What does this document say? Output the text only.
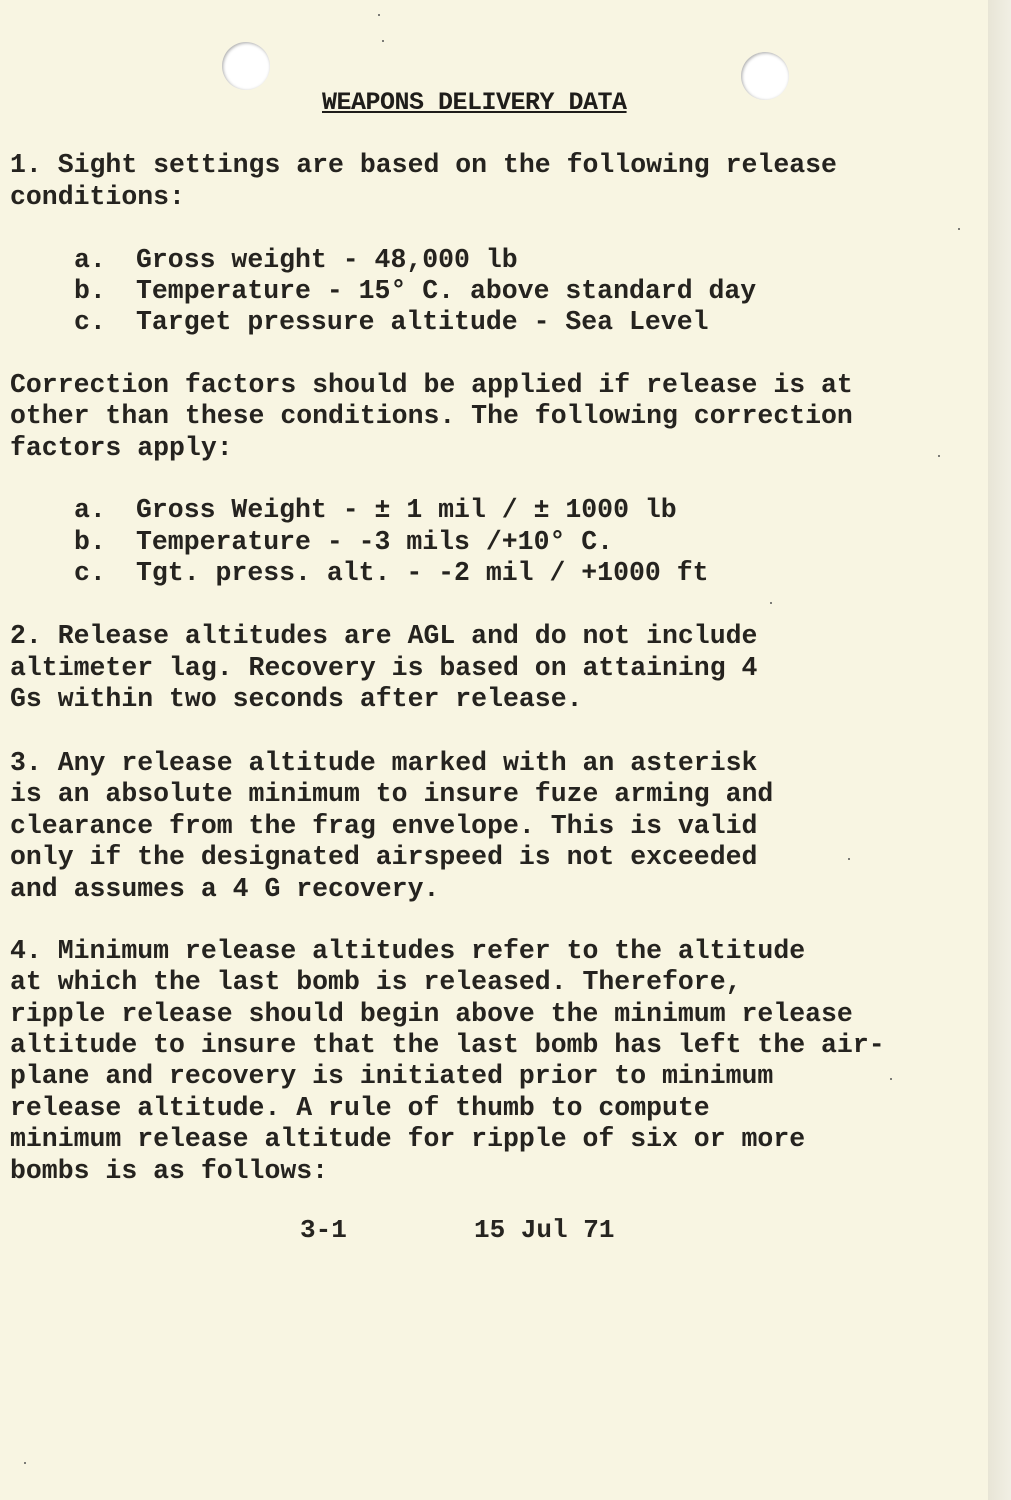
WEAPONS DELIVERY DATA
1. Sight settings are based on the following release
conditions:
a. Gross weight - 48,000 lb
b. Temperature - 15° C. above standard day
c. Target pressure altitude - Sea Level
Correction factors should be applied if release is at
other than these conditions. The following correction
factors apply:
a. Gross Weight - ± 1 mil / ± 1000 lb
b. Temperature - -3 mils /+10° C.
c. Tgt. press. alt. - -2 mil / +1000 ft
2. Release altitudes are AGL and do not include
altimeter lag. Recovery is based on attaining 4
Gs within two seconds after release.
3. Any release altitude marked with an asterisk
is an absolute minimum to insure fuze arming and
clearance from the frag envelope. This is valid
only if the designated airspeed is not exceeded
and assumes a 4 G recovery.
4. Minimum release altitudes refer to the altitude
at which the last bomb is released. Therefore,
ripple release should begin above the minimum release
altitude to insure that the last bomb has left the air-
plane and recovery is initiated prior to minimum
release altitude. A rule of thumb to compute
minimum release altitude for ripple of six or more
bombs is as follows:
3-1	15 Jul 71
